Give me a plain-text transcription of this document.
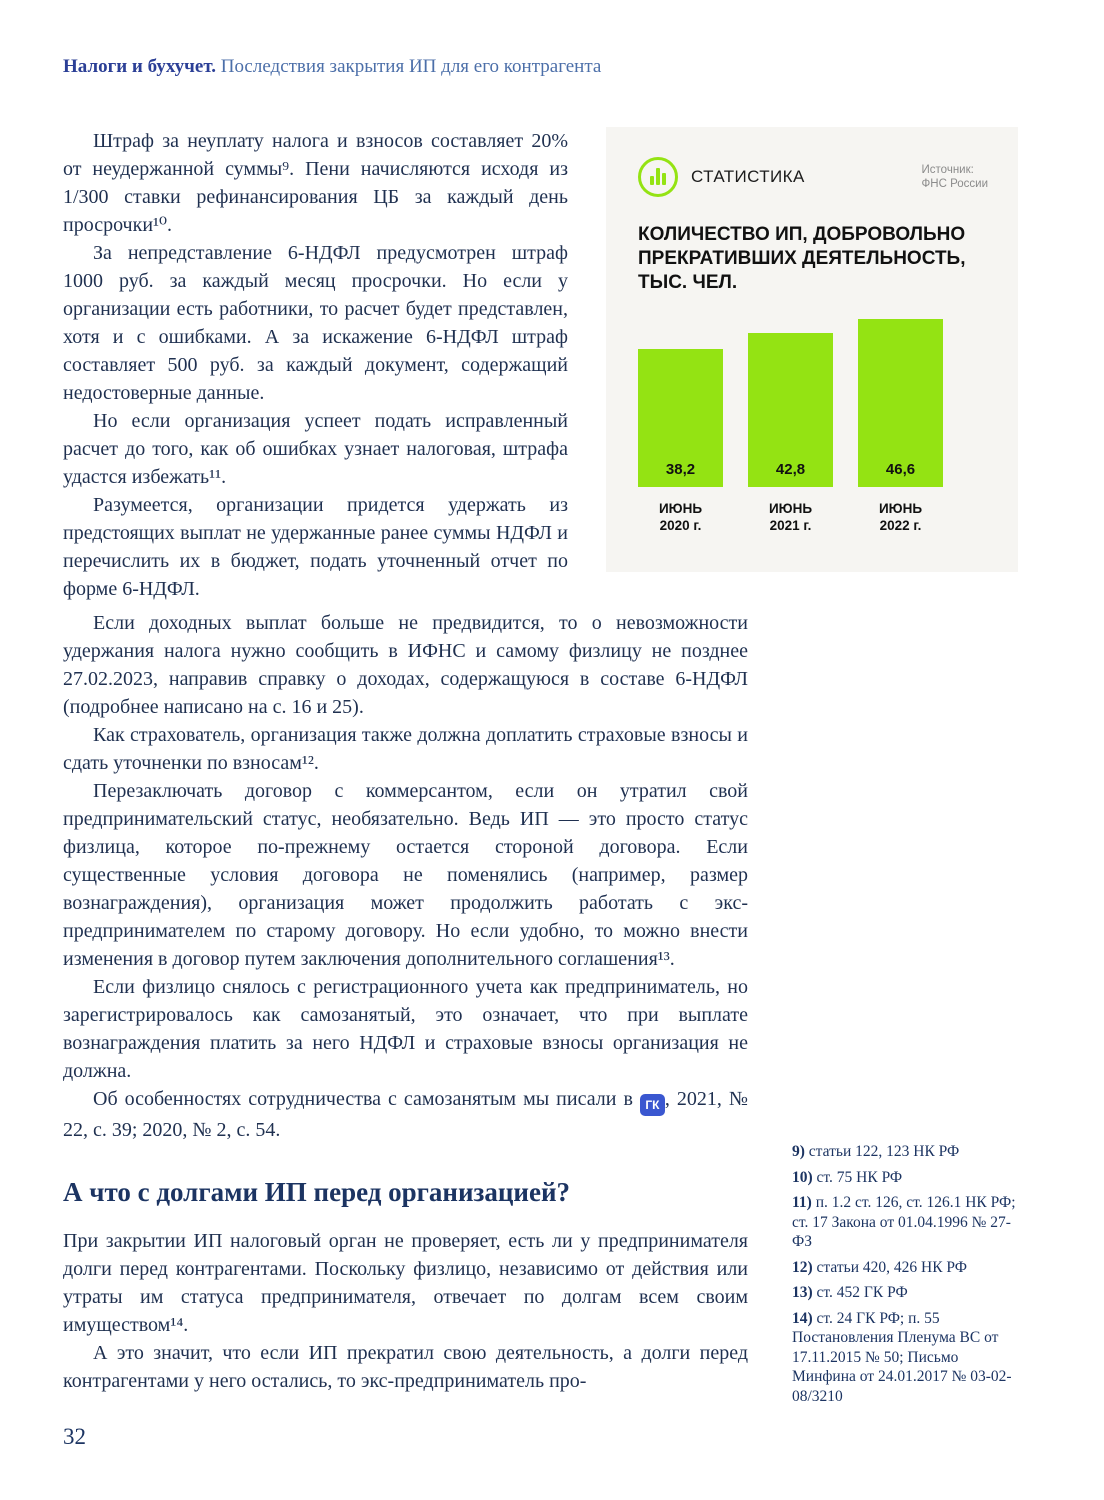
Налоги и бухучет. Последствия закрытия ИП для его контрагента

Штраф за неуплату налога и взносов составляет 20% от неудержанной суммы⁹. Пени начисляются исходя из 1/300 ставки рефинансирования ЦБ за каждый день просрочки¹⁰.

За непредставление 6-НДФЛ предусмотрен штраф 1000 руб. за каждый месяц просрочки. Но если у организации есть работники, то расчет будет представлен, хотя и с ошибками. А за искажение 6-НДФЛ штраф составляет 500 руб. за каждый документ, содержащий недостоверные данные.

Но если организация успеет подать исправленный расчет до того, как об ошибках узнает налоговая, штрафа удастся избежать¹¹.

Разумеется, организации придется удержать из предстоящих выплат не удержанные ранее суммы НДФЛ и перечислить их в бюджет, подать уточненный отчет по форме 6-НДФЛ.

СТАТИСТИКА	Источник:
ФНС России
КОЛИЧЕСТВО ИП, ДОБРОВОЛЬНО ПРЕКРАТИВШИХ ДЕЯТЕЛЬНОСТЬ, ТЫС. ЧЕЛ.
38,2	42,8	46,6
ИЮНЬ
2020 г.
ИЮНЬ
2021 г.
ИЮНЬ
2022 г.

Если доходных выплат больше не предвидится, то о невозможности удержания налога нужно сообщить в ИФНС и самому физлицу не позднее 27.02.2023, направив справку о доходах, содержащуюся в составе 6-НДФЛ (подробнее написано на с. 16 и 25).

Как страхователь, организация также должна доплатить страховые взносы и сдать уточненки по взносам¹².

Перезаключать договор с коммерсантом, если он утратил свой предпринимательский статус, необязательно. Ведь ИП — это просто статус физлица, которое по-прежнему остается стороной договора. Если существенные условия договора не поменялись (например, размер вознаграждения), организация может продолжить работать с экс-предпринимателем по старому договору. Но если удобно, то можно внести изменения в договор путем заключения дополнительного соглашения¹³.

Если физлицо снялось с регистрационного учета как предприниматель, но зарегистрировалось как самозанятый, это означает, что при выплате вознаграждения платить за него НДФЛ и страховые взносы организация не должна.

Об особенностях сотрудничества с самозанятым мы писали в ГК , 2021, № 22, с. 39; 2020, № 2, с. 54.

А что с долгами ИП перед организацией?

При закрытии ИП налоговый орган не проверяет, есть ли у предпринимателя долги перед контрагентами. Поскольку физлицо, независимо от действия или утраты им статуса предпринимателя, отвечает по долгам всем своим имуществом¹⁴.

А это значит, что если ИП прекратил свою деятельность, а долги перед контрагентами у него остались, то экс-предприниматель про-

9) статьи 122, 123 НК РФ

10) ст. 75 НК РФ

11) п. 1.2 ст. 126, ст. 126.1 НК РФ; ст. 17 Закона от 01.04.1996 № 27-ФЗ

12) статьи 420, 426 НК РФ

13) ст. 452 ГК РФ

14) ст. 24 ГК РФ; п. 55 Постановления Пленума ВС от 17.11.2015 № 50; Письмо Минфина от 24.01.2017 № 03-02-08/3210

32
